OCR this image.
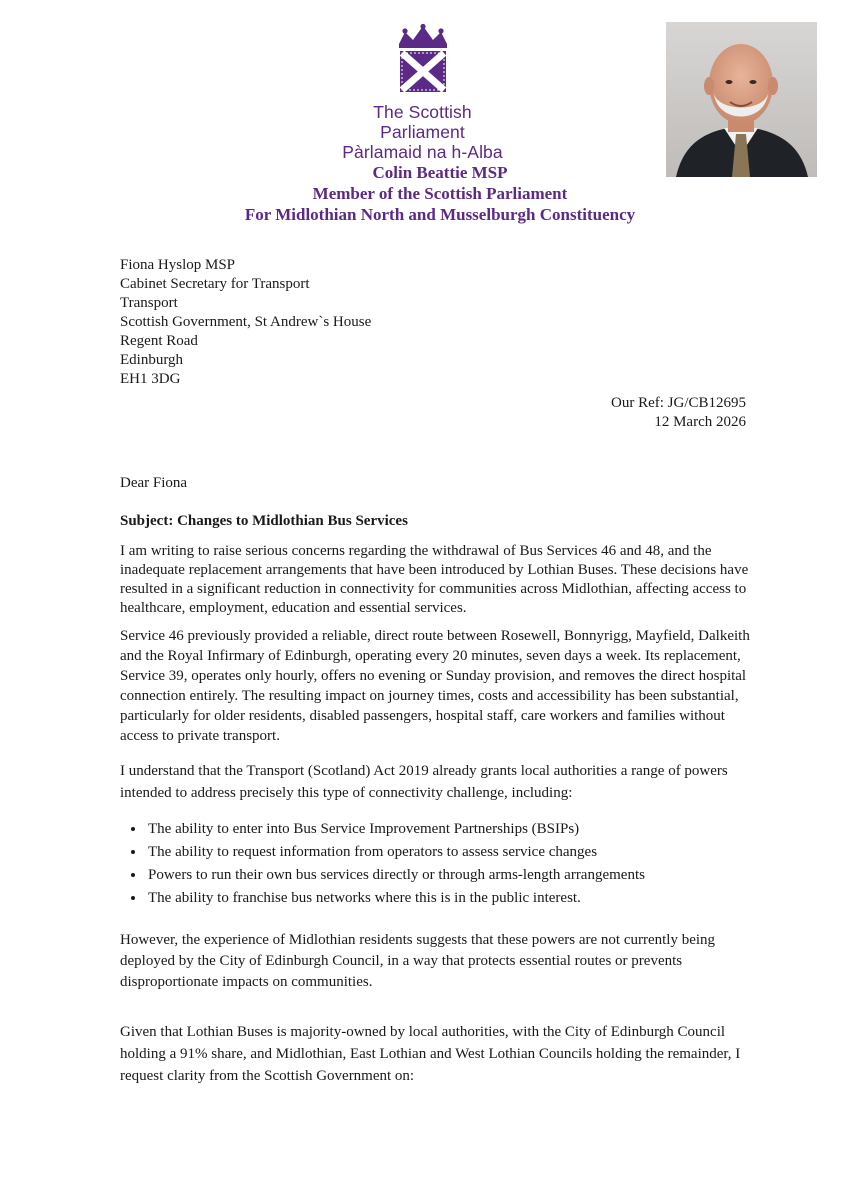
The Scottish Parliament
Pàrlamaid na h-Alba
Colin Beattie MSP
Member of the Scottish Parliament
For Midlothian North and Musselburgh Constituency
Fiona Hyslop MSP
Cabinet Secretary for Transport
Transport
Scottish Government, St Andrew`s House
Regent Road
Edinburgh
EH1 3DG
Our Ref: JG/CB12695
12 March 2026
Dear Fiona
Subject: Changes to Midlothian Bus Services
I am writing to raise serious concerns regarding the withdrawal of Bus Services 46 and 48, and the inadequate replacement arrangements that have been introduced by Lothian Buses. These decisions have resulted in a significant reduction in connectivity for communities across Midlothian, affecting access to healthcare, employment, education and essential services.
Service 46 previously provided a reliable, direct route between Rosewell, Bonnyrigg, Mayfield, Dalkeith and the Royal Infirmary of Edinburgh, operating every 20 minutes, seven days a week. Its replacement, Service 39, operates only hourly, offers no evening or Sunday provision, and removes the direct hospital connection entirely. The resulting impact on journey times, costs and accessibility has been substantial, particularly for older residents, disabled passengers, hospital staff, care workers and families without access to private transport.
I understand that the Transport (Scotland) Act 2019 already grants local authorities a range of powers intended to address precisely this type of connectivity challenge, including:
• The ability to enter into Bus Service Improvement Partnerships (BSIPs)
• The ability to request information from operators to assess service changes
• Powers to run their own bus services directly or through arms-length arrangements
• The ability to franchise bus networks where this is in the public interest.
However, the experience of Midlothian residents suggests that these powers are not currently being deployed by the City of Edinburgh Council, in a way that protects essential routes or prevents disproportionate impacts on communities.
Given that Lothian Buses is majority-owned by local authorities, with the City of Edinburgh Council holding a 91% share, and Midlothian, East Lothian and West Lothian Councils holding the remainder, I request clarity from the Scottish Government on:
